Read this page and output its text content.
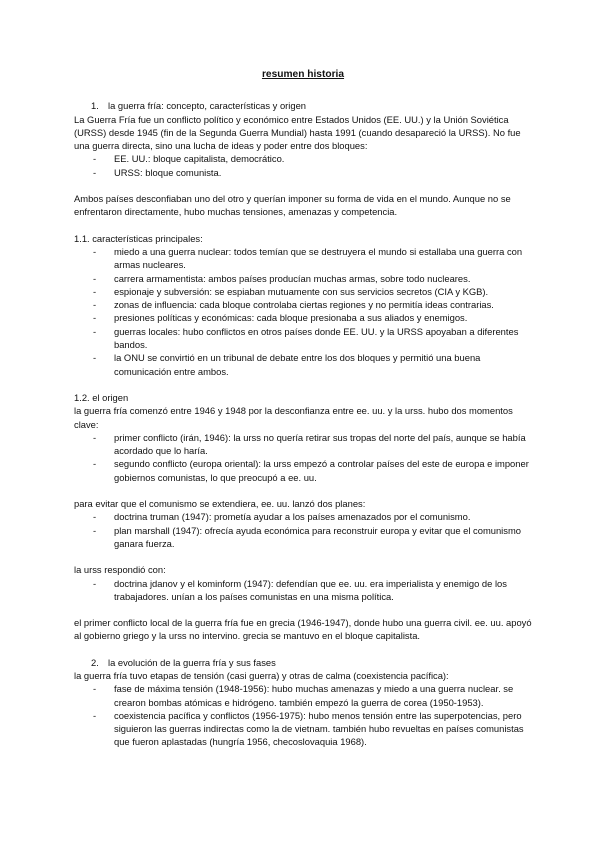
resumen historia

1. la guerra fría: concepto, características y origen

La Guerra Fría fue un conflicto político y económico entre Estados Unidos (EE. UU.) y la Unión Soviética (URSS) desde 1945 (fin de la Segunda Guerra Mundial) hasta 1991 (cuando desapareció la URSS). No fue una guerra directa, sino una lucha de ideas y poder entre dos bloques:

- EE. UU.: bloque capitalista, democrático.
- URSS: bloque comunista.

Ambos países desconfiaban uno del otro y querían imponer su forma de vida en el mundo. Aunque no se enfrentaron directamente, hubo muchas tensiones, amenazas y competencia.

1.1. características principales:

- miedo a una guerra nuclear: todos temían que se destruyera el mundo si estallaba una guerra con armas nucleares.
- carrera armamentista: ambos países producían muchas armas, sobre todo nucleares.
- espionaje y subversión: se espiaban mutuamente con sus servicios secretos (CIA y KGB).
- zonas de influencia: cada bloque controlaba ciertas regiones y no permitía ideas contrarias.
- presiones políticas y económicas: cada bloque presionaba a sus aliados y enemigos.
- guerras locales: hubo conflictos en otros países donde EE. UU. y la URSS apoyaban a diferentes bandos.
- la ONU se convirtió en un tribunal de debate entre los dos bloques y permitió una buena comunicación entre ambos.

1.2. el origen

la guerra fría comenzó entre 1946 y 1948 por la desconfianza entre ee. uu. y la urss. hubo dos momentos clave:

- primer conflicto (irán, 1946): la urss no quería retirar sus tropas del norte del país, aunque se había acordado que lo haría.
- segundo conflicto (europa oriental): la urss empezó a controlar países del este de europa e imponer gobiernos comunistas, lo que preocupó a ee. uu.

para evitar que el comunismo se extendiera, ee. uu. lanzó dos planes:

- doctrina truman (1947): prometía ayudar a los países amenazados por el comunismo.
- plan marshall (1947): ofrecía ayuda económica para reconstruir europa y evitar que el comunismo ganara fuerza.

la urss respondió con:

- doctrina jdanov y el kominform (1947): defendían que ee. uu. era imperialista y enemigo de los trabajadores. unían a los países comunistas en una misma política.

el primer conflicto local de la guerra fría fue en grecia (1946-1947), donde hubo una guerra civil. ee. uu. apoyó al gobierno griego y la urss no intervino. grecia se mantuvo en el bloque capitalista.

2. la evolución de la guerra fría y sus fases

la guerra fría tuvo etapas de tensión (casi guerra) y otras de calma (coexistencia pacífica):

- fase de máxima tensión (1948-1956): hubo muchas amenazas y miedo a una guerra nuclear. se crearon bombas atómicas e hidrógeno. también empezó la guerra de corea (1950-1953).
- coexistencia pacífica y conflictos (1956-1975): hubo menos tensión entre las superpotencias, pero siguieron las guerras indirectas como la de vietnam. también hubo revueltas en países comunistas que fueron aplastadas (hungría 1956, checoslovaquia 1968).
